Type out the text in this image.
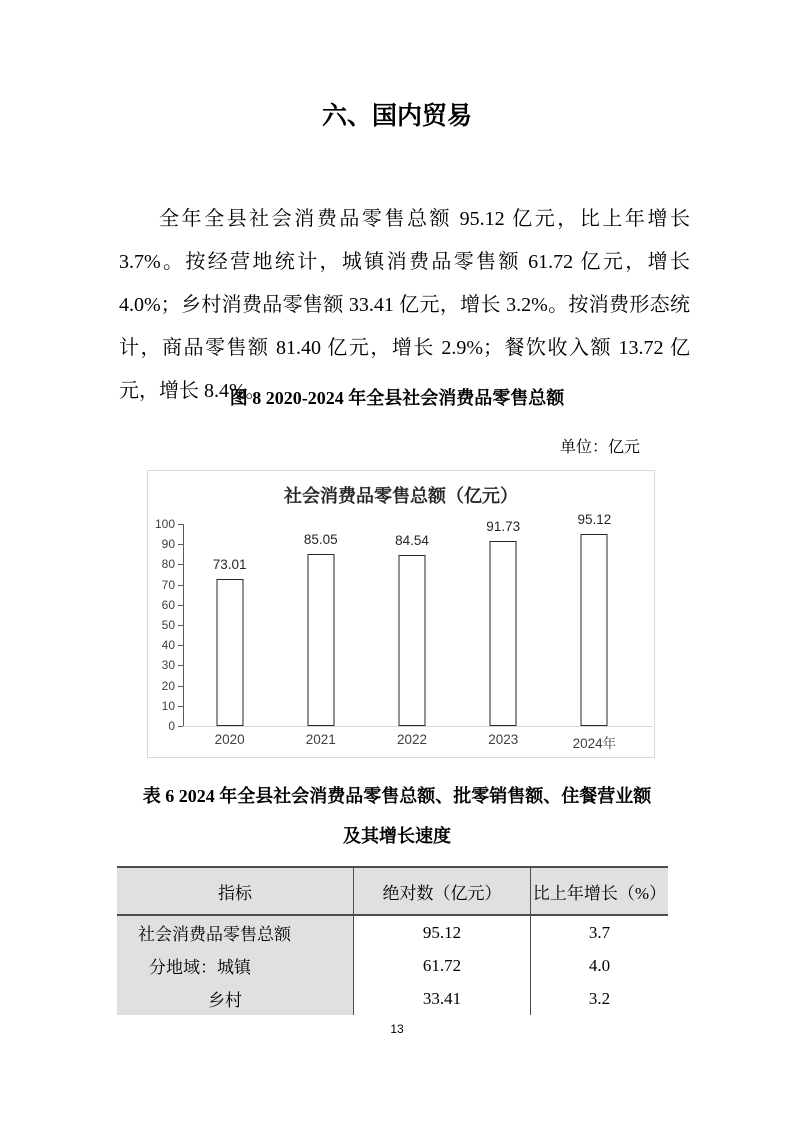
六、国内贸易
全年全县社会消费品零售总额 95.12 亿元，比上年增长 3.7%。按经营地统计，城镇消费品零售额 61.72 亿元，增长 4.0%；乡村消费品零售额 33.41 亿元，增长 3.2%。按消费形态统计，商品零售额 81.40 亿元，增长 2.9%；餐饮收入额 13.72 亿元，增长 8.4%。
图 8 2020-2024 年全县社会消费品零售总额
单位：亿元
社会消费品零售总额（亿元）
0
10
20
30
40
50
60
70
80
90
100
73.01
85.05	84.54
91.73	95.12
2020	2021	2022	2023	2024年
表 6 2024 年全县社会消费品零售总额、批零销售额、住餐营业额
及其增长速度
指标	绝对数（亿元）	比上年增长（%）
社会消费品零售总额	95.12	3.7
分地域：城镇	61.72	4.0
乡村	33.41	3.2
13
